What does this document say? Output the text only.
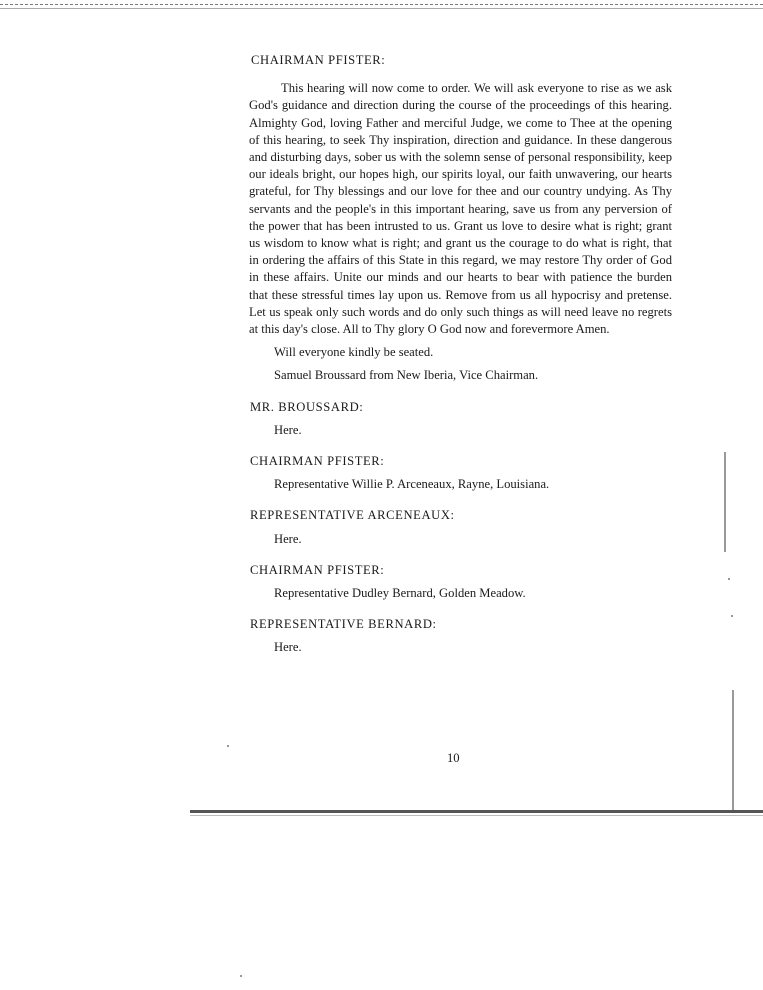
CHAIRMAN PFISTER:

This hearing will now come to order. We will ask everyone to rise as we ask God's guidance and direction during the course of the proceedings of this hearing. Almighty God, loving Father and merciful Judge, we come to Thee at the opening of this hearing, to seek Thy inspiration, direction and guidance. In these dangerous and disturbing days, sober us with the solemn sense of personal responsibility, keep our ideals bright, our hopes high, our spirits loyal, our faith unwavering, our hearts grateful, for Thy blessings and our love for thee and our country undying. As Thy servants and the people's in this important hearing, save us from any perversion of the power that has been intrusted to us. Grant us love to desire what is right; grant us wisdom to know what is right; and grant us the courage to do what is right, that in ordering the affairs of this State in this regard, we may restore Thy order of God in these affairs. Unite our minds and our hearts to bear with patience the burden that these stressful times lay upon us. Remove from us all hypocrisy and pretense. Let us speak only such words and do only such things as will need leave no regrets at this day's close. All to Thy glory O God now and forevermore Amen.

Will everyone kindly be seated.

Samuel Broussard from New Iberia, Vice Chairman.

MR. BROUSSARD:

Here.

CHAIRMAN PFISTER:

Representative Willie P. Arceneaux, Rayne, Louisiana.

REPRESENTATIVE ARCENEAUX:

Here.

CHAIRMAN PFISTER:

Representative Dudley Bernard, Golden Meadow.

REPRESENTATIVE BERNARD:

Here.

10
